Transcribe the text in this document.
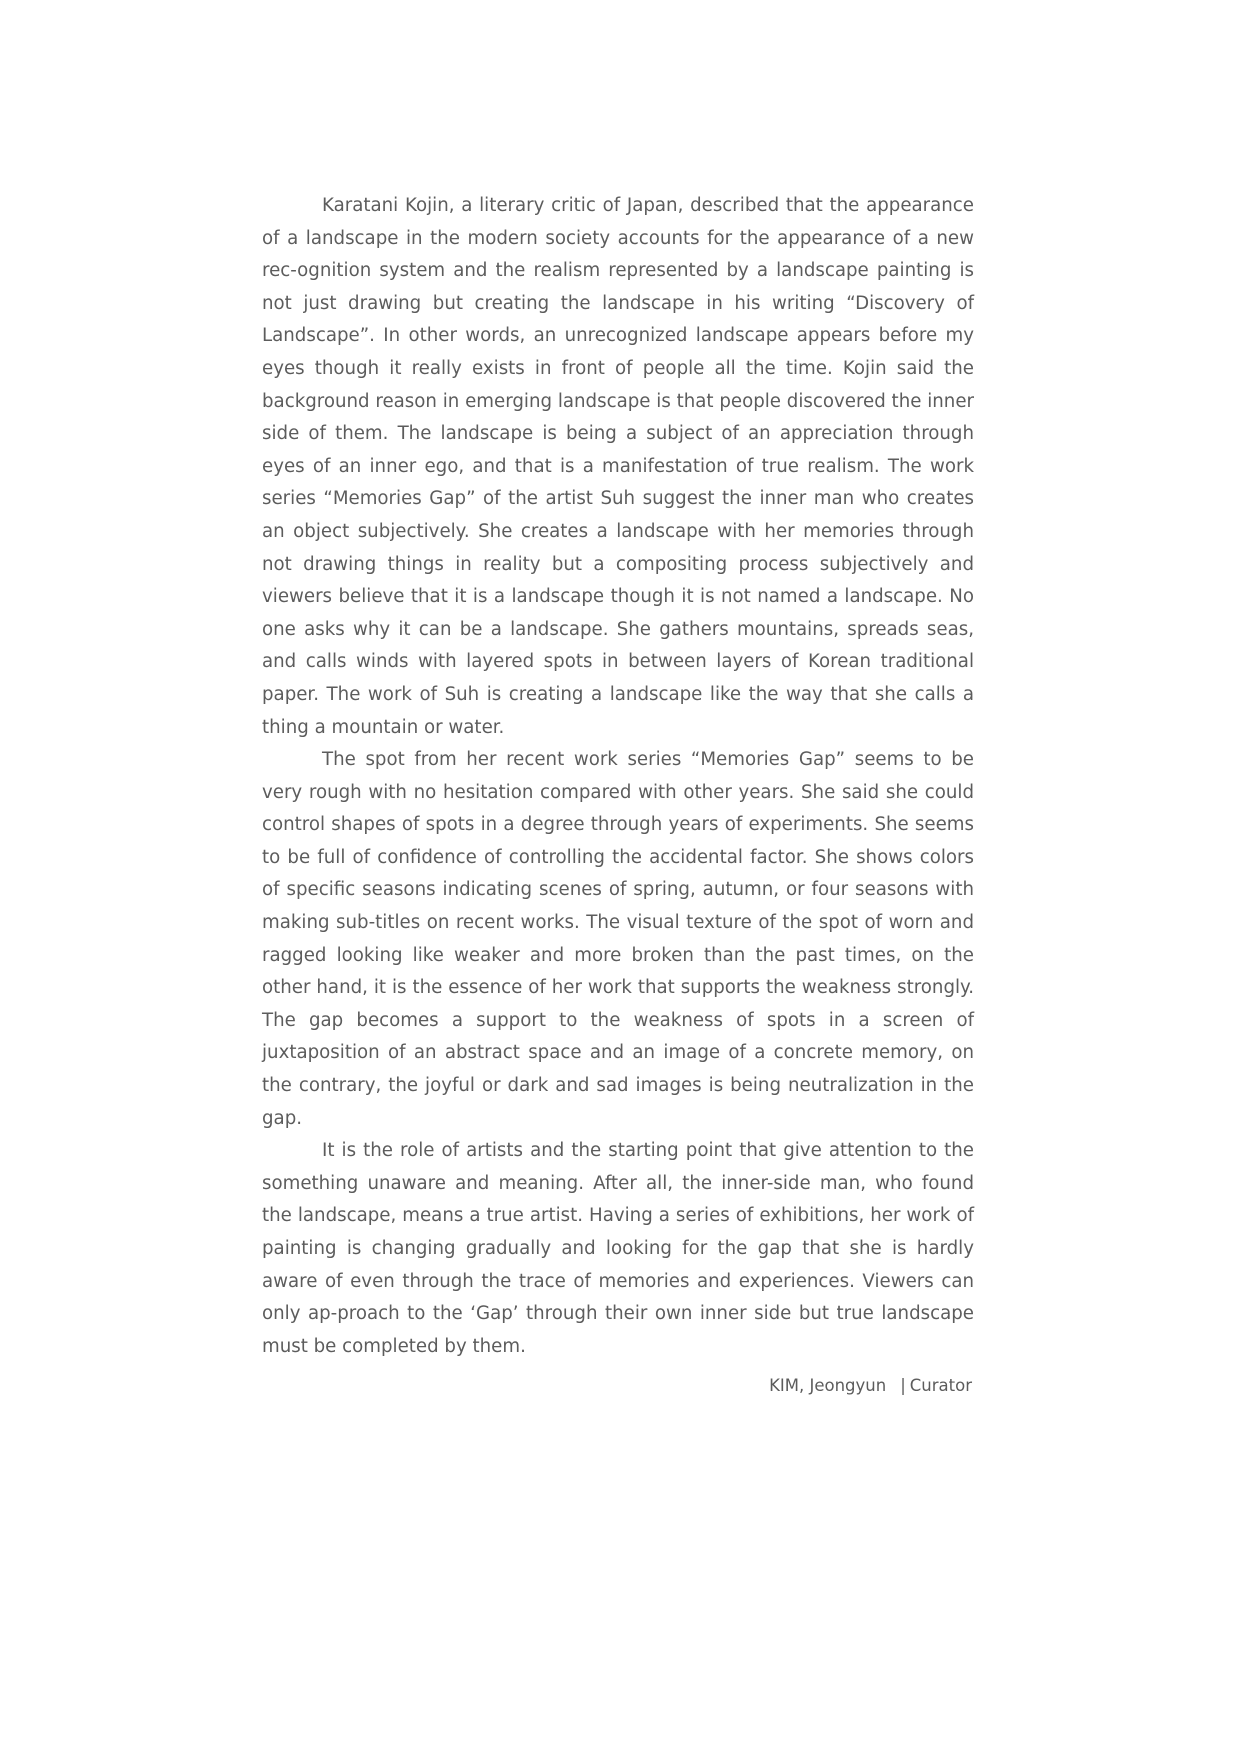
Karatani Kojin, a literary critic of Japan, described that the appearance of a landscape in the modern society accounts for the appearance of a new rec-ognition system and the realism represented by a landscape painting is not just drawing but creating the landscape in his writing “Discovery of Landscape”. In other words, an unrecognized landscape appears before my eyes though it really exists in front of people all the time. Kojin said the background reason in emerging landscape is that people discovered the inner side of them. The landscape is being a subject of an appreciation through eyes of an inner ego, and that is a manifestation of true realism. The work series “Memories Gap” of the artist Suh suggest the inner man who creates an object subjectively. She creates a landscape with her memories through not drawing things in reality but a compositing process subjectively and viewers believe that it is a landscape though it is not named a landscape. No one asks why it can be a landscape. She gathers mountains, spreads seas, and calls winds with layered spots in between layers of Korean traditional paper. The work of Suh is creating a landscape like the way that she calls a thing a mountain or water.

The spot from her recent work series “Memories Gap” seems to be very rough with no hesitation compared with other years. She said she could control shapes of spots in a degree through years of experiments. She seems to be full of confidence of controlling the accidental factor. She shows colors of specific seasons indicating scenes of spring, autumn, or four seasons with making sub-titles on recent works. The visual texture of the spot of worn and ragged looking like weaker and more broken than the past times, on the other hand, it is the essence of her work that supports the weakness strongly. The gap becomes a support to the weakness of spots in a screen of juxtaposition of an abstract space and an image of a concrete memory, on the contrary, the joyful or dark and sad images is being neutralization in the gap.

It is the role of artists and the starting point that give attention to the something unaware and meaning. After all, the inner-side man, who found the landscape, means a true artist. Having a series of exhibitions, her work of painting is changing gradually and looking for the gap that she is hardly aware of even through the trace of memories and experiences. Viewers can only ap-proach to the ‘Gap’ through their own inner side but true landscape must be completed by them.

KIM, Jeongyun | Curator
